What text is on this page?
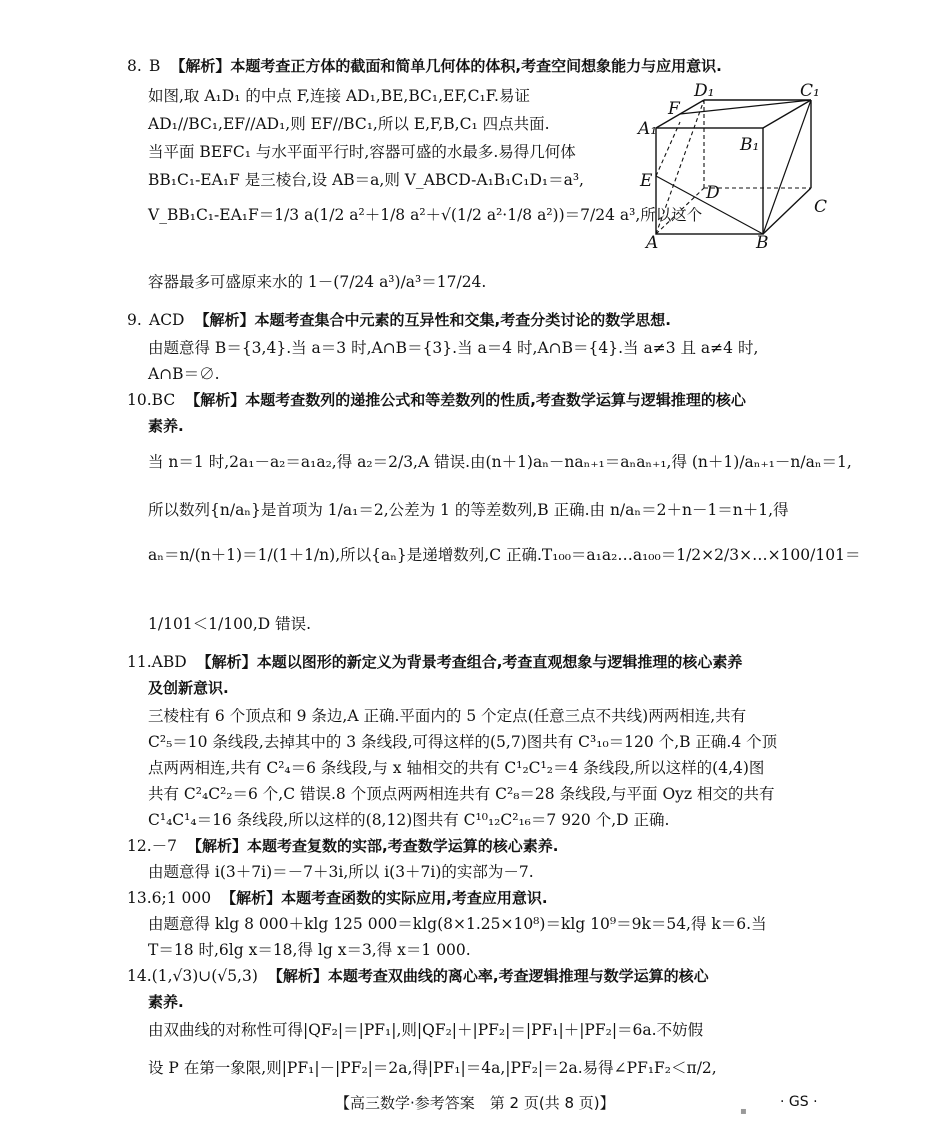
8. B 【解析】本题考查正方体的截面和简单几何体的体积,考查空间想象能力与应用意识.
如图,取 A₁D₁ 的中点 F,连接 AD₁,BE,BC₁,EF,C₁F.易证
AD₁//BC₁,EF//AD₁,则 EF//BC₁,所以 E,F,B,C₁ 四点共面.
当平面 BEFC₁ 与水平面平行时,容器可盛的水最多.易得几何体
BB₁C₁-EA₁F 是三棱台,设 AB＝a,则 V_ABCD-A₁B₁C₁D₁＝a³,
V_BB₁C₁-EA₁F＝1/3 a(1/2 a²＋1/8 a²＋√(1/2 a²·1/8 a²))＝7/24 a³,所以这个
容器最多可盛原来水的 1－(7/24 a³)/a³＝17/24.
F
D₁	C₁
A₁
B₁
E
D
C
A	B
9. ACD 【解析】本题考查集合中元素的互异性和交集,考查分类讨论的数学思想.
由题意得 B＝{3,4}.当 a＝3 时,A∩B＝{3}.当 a＝4 时,A∩B＝{4}.当 a≠3 且 a≠4 时,
A∩B＝∅.
10.BC 【解析】本题考查数列的递推公式和等差数列的性质,考查数学运算与逻辑推理的核心
素养.
当 n＝1 时,2a₁－a₂＝a₁a₂,得 a₂＝2/3,A 错误.由(n＋1)aₙ－naₙ₊₁＝aₙaₙ₊₁,得 (n＋1)/aₙ₊₁－n/aₙ＝1,
所以数列{n/aₙ}是首项为 1/a₁＝2,公差为 1 的等差数列,B 正确.由 n/aₙ＝2＋n－1＝n＋1,得
aₙ＝n/(n＋1)＝1/(1＋1/n),所以{aₙ}是递增数列,C 正确.T₁₀₀＝a₁a₂…a₁₀₀＝1/2×2/3×…×100/101＝
1/101＜1/100,D 错误.
11.ABD 【解析】本题以图形的新定义为背景考查组合,考查直观想象与逻辑推理的核心素养
及创新意识.
三棱柱有 6 个顶点和 9 条边,A 正确.平面内的 5 个定点(任意三点不共线)两两相连,共有
C²₅＝10 条线段,去掉其中的 3 条线段,可得这样的(5,7)图共有 C³₁₀＝120 个,B 正确.4 个顶
点两两相连,共有 C²₄＝6 条线段,与 x 轴相交的共有 C¹₂C¹₂＝4 条线段,所以这样的(4,4)图
共有 C²₄C²₂＝6 个,C 错误.8 个顶点两两相连共有 C²₈＝28 条线段,与平面 Oyz 相交的共有
C¹₄C¹₄＝16 条线段,所以这样的(8,12)图共有 C¹⁰₁₂C²₁₆＝7 920 个,D 正确.
12.－7 【解析】本题考查复数的实部,考查数学运算的核心素养.
由题意得 i(3＋7i)＝－7＋3i,所以 i(3＋7i)的实部为－7.
13.6;1 000 【解析】本题考查函数的实际应用,考查应用意识.
由题意得 klg 8 000＋klg 125 000＝klg(8×1.25×10⁸)＝klg 10⁹＝9k＝54,得 k＝6.当
T＝18 时,6lg x＝18,得 lg x＝3,得 x＝1 000.
14.(1,√3)∪(√5,3) 【解析】本题考查双曲线的离心率,考查逻辑推理与数学运算的核心
素养.
由双曲线的对称性可得|QF₂|＝|PF₁|,则|QF₂|＋|PF₂|＝|PF₁|＋|PF₂|＝6a.不妨假
设 P 在第一象限,则|PF₁|－|PF₂|＝2a,得|PF₁|＝4a,|PF₂|＝2a.易得∠PF₁F₂＜π/2,
【高三数学·参考答案　第 2 页(共 8 页)】	▪
· GS ·
